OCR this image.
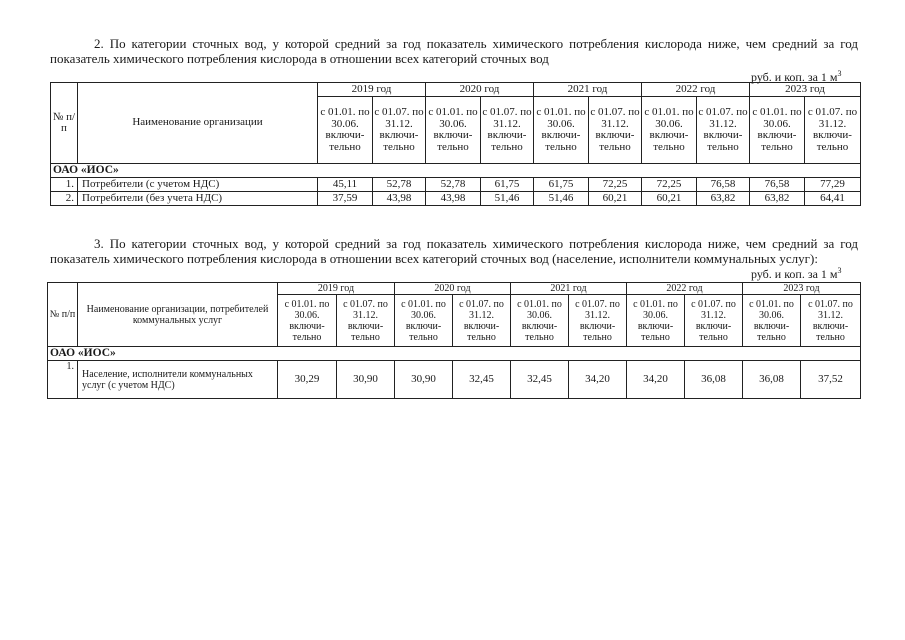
2. По категории сточных вод, у которой средний за год показатель химического потребления кислорода ниже, чем средний за год показатель химического потребления кислорода в отношении всех категорий сточных вод
руб. и коп. за 1 $м^3$
№ п/п	Наименование организации	2019 год		2020 год		2021 год		2022 год		2023 год	
		с 01.01. по 30.06. включи-тельно	с 01.07. по 31.12. включи-тельно	с 01.01. по 30.06. включи-тельно	с 01.07. по 31.12. включи-тельно	с 01.01. по 30.06. включи-тельно	с 01.07. по 31.12. включи-тельно	с 01.01. по 30.06. включи-тельно	с 01.07. по 31.12. включи-тельно	с 01.01. по 30.06. включи-тельно	с 01.07. по 31.12. включи-тельно
ОАО «ИОС»											
1.	Потребители (с учетом НДС)	45,11	52,78	52,78	61,75	61,75	72,25	72,25	76,58	76,58	77,29
2.	Потребители (без учета НДС)	37,59	43,98	43,98	51,46	51,46	60,21	60,21	63,82	63,82	64,41
3. По категории сточных вод, у которой средний за год показатель химического потребления кислорода ниже, чем средний за год показатель химического потребления кислорода в отношении всех категорий сточных вод (население, исполнители коммунальных услуг):
руб. и коп. за 1 $м^3$
№ п/п	Наименование организации, потребителей коммунальных услуг	2019 год		2020 год		2021 год		2022 год		2023 год	
		с 01.01. по 30.06. включи-тельно	с 01.07. по 31.12. включи-тельно	с 01.01. по 30.06. включи-тельно	с 01.07. по 31.12. включи-тельно	с 01.01. по 30.06. включи-тельно	с 01.07. по 31.12. включи-тельно	с 01.01. по 30.06. включи-тельно	с 01.07. по 31.12. включи-тельно	с 01.01. по 30.06. включи-тельно	с 01.07. по 31.12. включи-тельно
ОАО «ИОС»											
1.	Население, исполнители коммунальных услуг (с учетом НДС)	30,29	30,90	30,90	32,45	32,45	34,20	34,20	36,08	36,08	37,52
